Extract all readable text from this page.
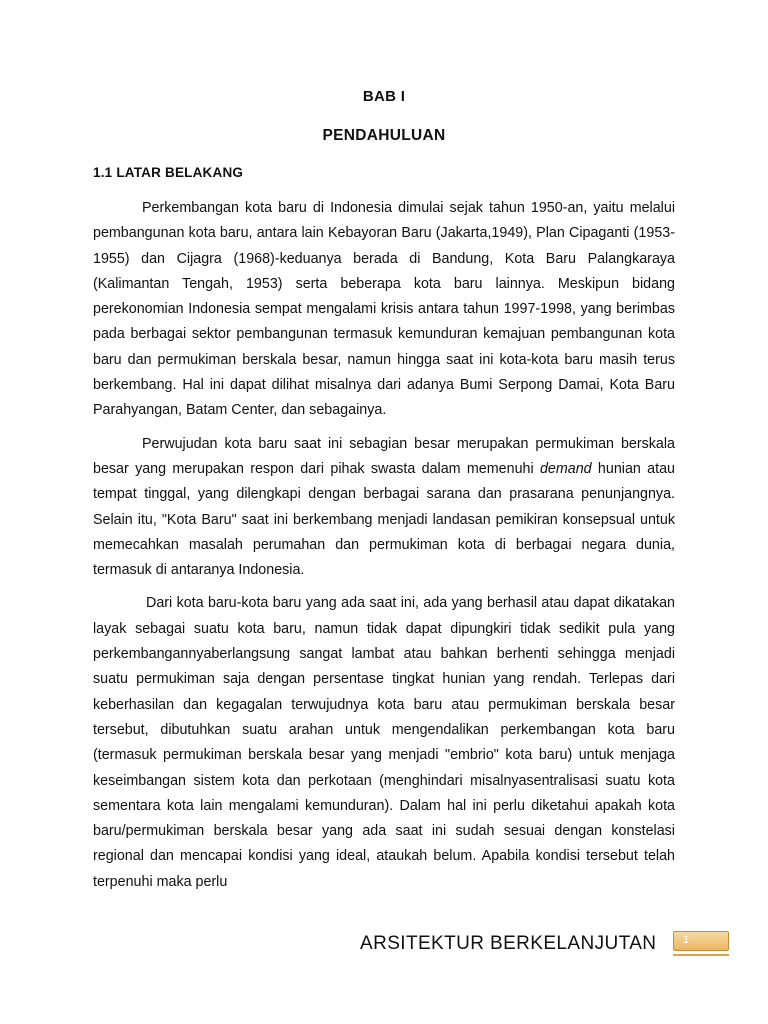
BAB I
PENDAHULUAN
1.1 LATAR BELAKANG

Perkembangan kota baru di Indonesia dimulai sejak tahun 1950-an, yaitu melalui pembangunan kota baru, antara lain Kebayoran Baru (Jakarta,1949), Plan Cipaganti (1953-1955) dan Cijagra (1968)-keduanya berada di Bandung, Kota Baru Palangkaraya (Kalimantan Tengah, 1953) serta beberapa kota baru lainnya. Meskipun bidang perekonomian Indonesia sempat mengalami krisis antara tahun 1997-1998, yang berimbas pada berbagai sektor pembangunan termasuk kemunduran kemajuan pembangunan kota baru dan permukiman berskala besar, namun hingga saat ini kota-kota baru masih terus berkembang. Hal ini dapat dilihat misalnya dari adanya Bumi Serpong Damai, Kota Baru Parahyangan, Batam Center, dan sebagainya.

Perwujudan kota baru saat ini sebagian besar merupakan permukiman berskala besar yang merupakan respon dari pihak swasta dalam memenuhi demand hunian atau tempat tinggal, yang dilengkapi dengan berbagai sarana dan prasarana penunjangnya. Selain itu, "Kota Baru" saat ini berkembang menjadi landasan pemikiran konsepsual untuk memecahkan masalah perumahan dan permukiman kota di berbagai negara dunia, termasuk di antaranya Indonesia.

Dari kota baru-kota baru yang ada saat ini, ada yang berhasil atau dapat dikatakan layak sebagai suatu kota baru, namun tidak dapat dipungkiri tidak sedikit pula yang perkembangannyaberlangsung sangat lambat atau bahkan berhenti sehingga menjadi suatu permukiman saja dengan persentase tingkat hunian yang rendah. Terlepas dari keberhasilan dan kegagalan terwujudnya kota baru atau permukiman berskala besar tersebut, dibutuhkan suatu arahan untuk mengendalikan perkembangan kota baru (termasuk permukiman berskala besar yang menjadi "embrio" kota baru) untuk menjaga keseimbangan sistem kota dan perkotaan (menghindari misalnyasentralisasi suatu kota sementara kota lain mengalami kemunduran). Dalam hal ini perlu diketahui apakah kota baru/permukiman berskala besar yang ada saat ini sudah sesuai dengan konstelasi regional dan mencapai kondisi yang ideal, ataukah belum. Apabila kondisi tersebut telah terpenuhi maka perlu

ARSITEKTUR BERKELANJUTAN 1
